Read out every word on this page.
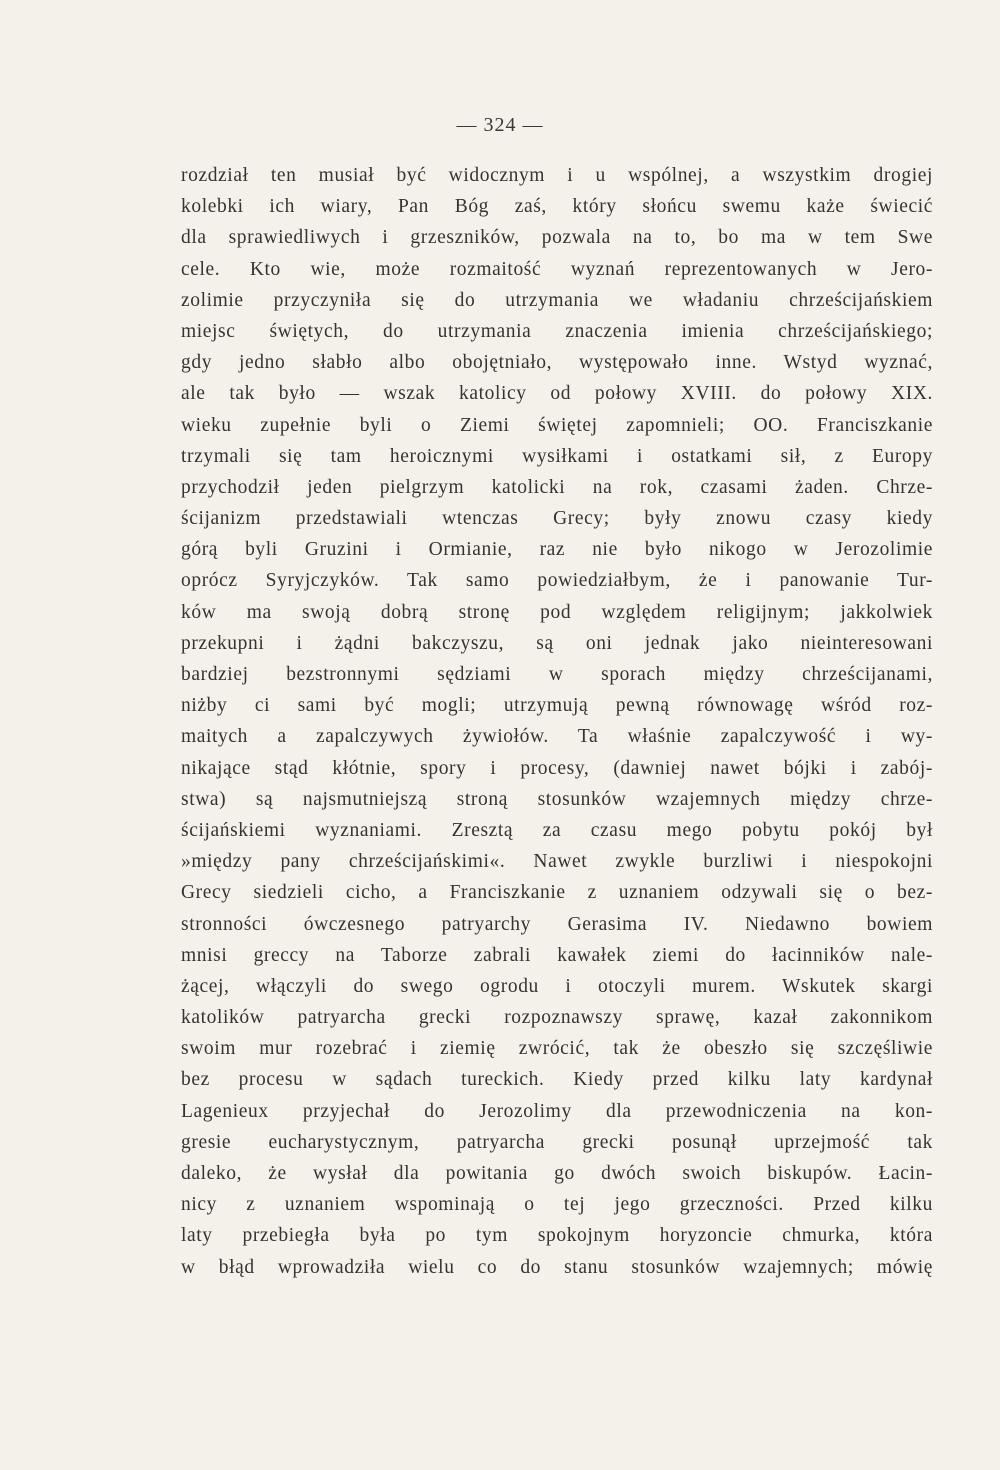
— 324 —
rozdział ten musiał być widocznym i u wspólnej, a wszystkim drogiej
kolebki ich wiary, Pan Bóg zaś, który słońcu swemu każe świecić
dla sprawiedliwych i grzeszników, pozwala na to, bo ma w tem Swe
cele. Kto wie, może rozmaitość wyznań reprezentowanych w Jero-
zolimie przyczyniła się do utrzymania we władaniu chrześcijańskiem
miejsc świętych, do utrzymania znaczenia imienia chrześcijańskiego;
gdy jedno słabło albo obojętniało, występowało inne. Wstyd wyznać,
ale tak było — wszak katolicy od połowy XVIII. do połowy XIX.
wieku zupełnie byli o Ziemi świętej zapomnieli; OO. Franciszkanie
trzymali się tam heroicznymi wysiłkami i ostatkami sił, z Europy
przychodził jeden pielgrzym katolicki na rok, czasami żaden. Chrze-
ścijanizm przedstawiali wtenczas Grecy; były znowu czasy kiedy
górą byli Gruzini i Ormianie, raz nie było nikogo w Jerozolimie
oprócz Syryjczyków. Tak samo powiedziałbym, że i panowanie Tur-
ków ma swoją dobrą stronę pod względem religijnym; jakkolwiek
przekupni i żądni bakczyszu, są oni jednak jako nieinteresowani
bardziej bezstronnymi sędziami w sporach między chrześcijanami,
niżby ci sami być mogli; utrzymują pewną równowagę wśród roz-
maitych a zapalczywych żywiołów. Ta właśnie zapalczywość i wy-
nikające stąd kłótnie, spory i procesy, (dawniej nawet bójki i zabój-
stwa) są najsmutniejszą stroną stosunków wzajemnych między chrze-
ścijańskiemi wyznaniami. Zresztą za czasu mego pobytu pokój był
»między pany chrześcijańskimi«. Nawet zwykle burzliwi i niespokojni
Grecy siedzieli cicho, a Franciszkanie z uznaniem odzywali się o bez-
stronności ówczesnego patryarchy Gerasima IV. Niedawno bowiem
mnisi greccy na Taborze zabrali kawałek ziemi do łacinników nale-
żącej, włączyli do swego ogrodu i otoczyli murem. Wskutek skargi
katolików patryarcha grecki rozpoznawszy sprawę, kazał zakonnikom
swoim mur rozebrać i ziemię zwrócić, tak że obeszło się szczęśliwie
bez procesu w sądach tureckich. Kiedy przed kilku laty kardynał
Lagenieux przyjechał do Jerozolimy dla przewodniczenia na kon-
gresie eucharystycznym, patryarcha grecki posunął uprzejmość tak
daleko, że wysłał dla powitania go dwóch swoich biskupów. Łacin-
nicy z uznaniem wspominają o tej jego grzeczności. Przed kilku
laty przebiegła była po tym spokojnym horyzoncie chmurka, która
w błąd wprowadziła wielu co do stanu stosunków wzajemnych; mówię
